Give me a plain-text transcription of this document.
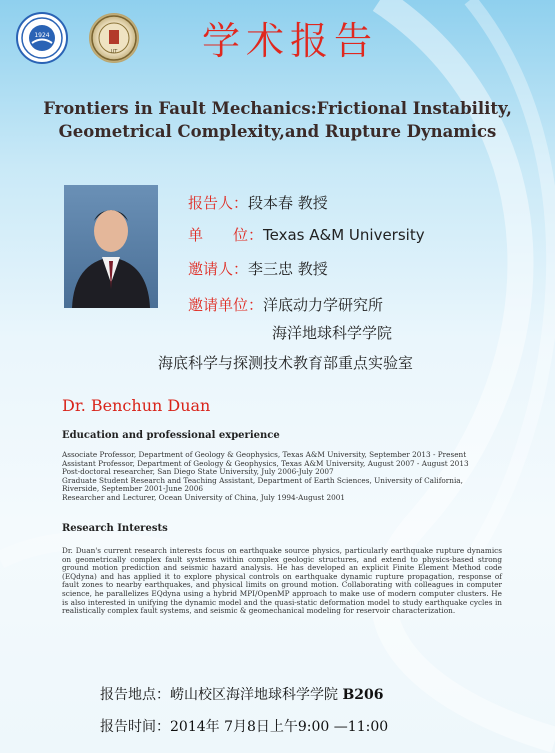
1924
UT	学术报告
Frontiers in Fault Mechanics:Frictional Instability,
Geometrical Complexity,and Rupture Dynamics
报告人：段本春 教授
单　　位：Texas A&M University
邀请人：李三忠 教授
邀请单位：洋底动力学研究所
海洋地球科学学院
海底科学与探测技术教育部重点实验室
Dr. Benchun Duan
Education and professional experience
Associate Professor, Department of Geology & Geophysics, Texas A&M University, September 2013 - Present
Assistant Professor, Department of Geology & Geophysics, Texas A&M University, August 2007 - August 2013
Post-doctoral researcher, San Diego State University, July 2006-July 2007
Graduate Student Research and Teaching Assistant, Department of Earth Sciences, University of California,
Riverside, September 2001-June 2006
Researcher and Lecturer, Ocean University of China, July 1994-August 2001
Research Interests
Dr. Duan's current research interests focus on earthquake source physics, particularly earthquake rupture dynamics on geometrically complex fault systems within complex geologic structures, and extend to physics-based strong ground motion prediction and seismic hazard analysis. He has developed an explicit Finite Element Method code (EQdyna) and has applied it to explore physical controls on earthquake dynamic rupture propagation, response of fault zones to nearby earthquakes, and physical limits on ground motion. Collaborating with colleagues in computer science, he parallelizes EQdyna using a hybrid MPI/OpenMP approach to make use of modern computer clusters. He is also interested in unifying the dynamic model and the quasi-static deformation model to study earthquake cycles in realistically complex fault systems, and seismic & geomechanical modeling for reservoir characterization.
报告地点：崂山校区海洋地球科学学院 B206
报告时间：2014年 7月8日上午9:00 —11:00
